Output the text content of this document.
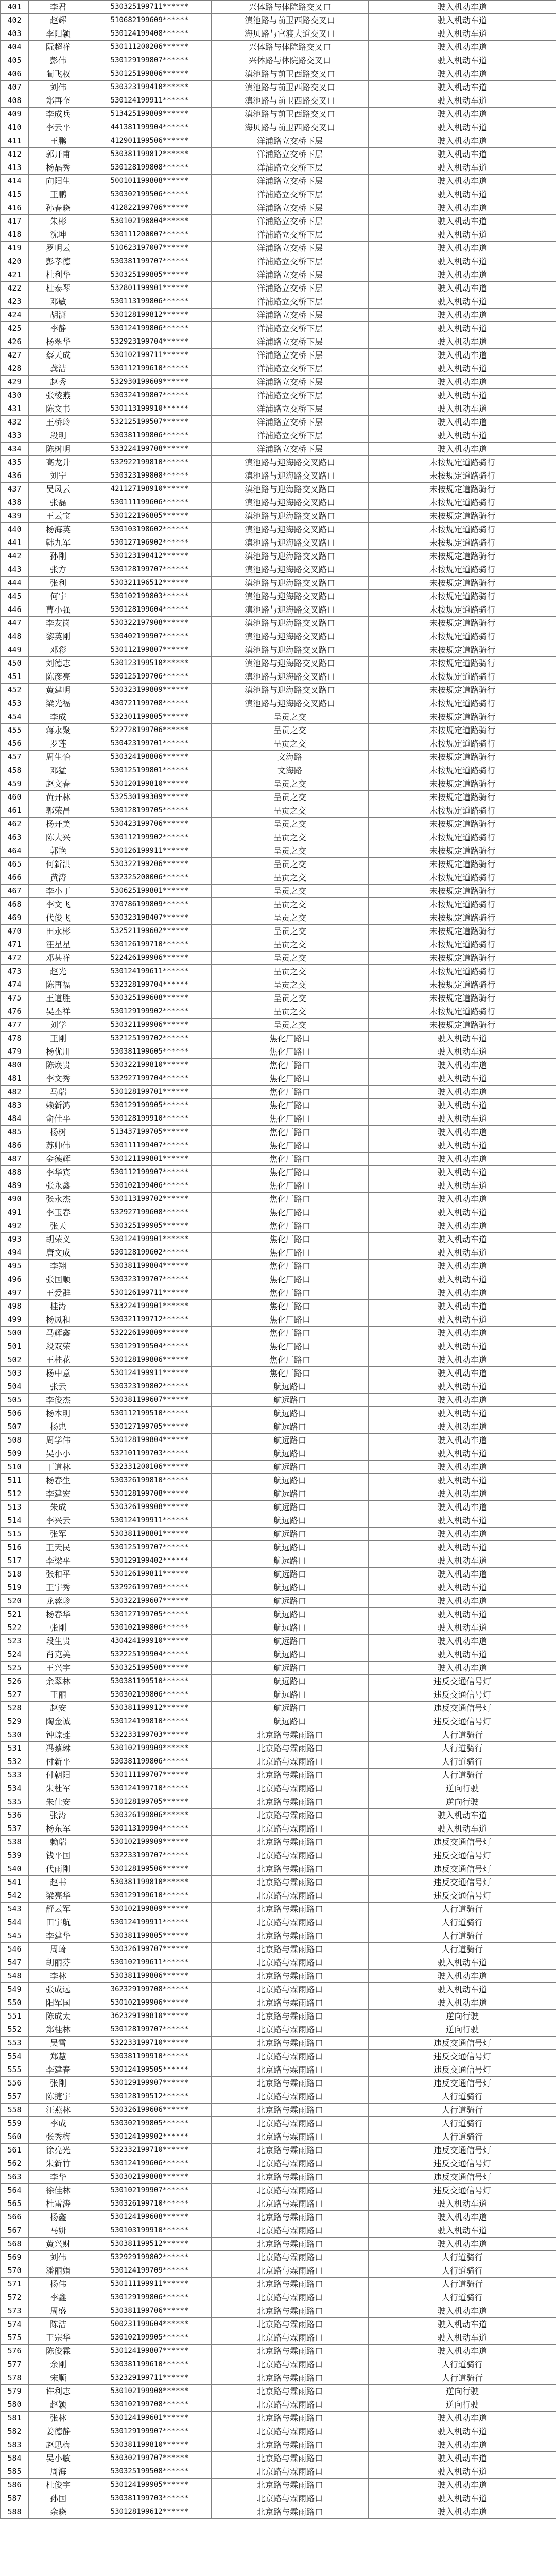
401	李君	530325199711******	兴体路与体院路交叉口	驶入机动车道
402	赵辉	510682199609******	滇池路与前卫西路交叉口	驶入机动车道
403	李阳颖	530124199408******	海贝路与官渡大道交叉口	驶入机动车道
404	阮超祥	530111200206******	兴体路与体院路交叉口	驶入机动车道
405	彭伟	530129199807******	兴体路与体院路交叉口	驶入机动车道
406	蔺飞权	530125199806******	滇池路与前卫西路交叉口	驶入机动车道
407	刘伟	530323199410******	滇池路与前卫西路交叉口	驶入机动车道
408	郑再奎	530124199911******	滇池路与前卫西路交叉口	驶入机动车道
409	李成兵	513425199809******	滇池路与前卫西路交叉口	驶入机动车道
410	李云平	441381199904******	海贝路与前卫西路交叉口	驶入机动车道
411	王鹏	412901199506******	洋浦路立交桥下层	驶入机动车道
412	郭开甫	530381199812******	洋浦路立交桥下层	驶入机动车道
413	杨晶秀	530128199808******	洋浦路立交桥下层	驶入机动车道
414	向阳生	500101199808******	洋浦路立交桥下层	驶入机动车道
415	王鹏	530302199506******	洋浦路立交桥下层	驶入机动车道
416	孙春晓	412822199706******	洋浦路立交桥下层	驶入机动车道
417	朱彬	530102198804******	洋浦路立交桥下层	驶入机动车道
418	沈坤	530111200007******	洋浦路立交桥下层	驶入机动车道
419	罗明云	510623197007******	洋浦路立交桥下层	驶入机动车道
420	彭孝德	530381199707******	洋浦路立交桥下层	驶入机动车道
421	杜利华	530325199805******	洋浦路立交桥下层	驶入机动车道
422	杜泰琴	532801199901******	洋浦路立交桥下层	驶入机动车道
423	邓敏	530113199806******	洋浦路立交桥下层	驶入机动车道
424	胡潇	530128199812******	洋浦路立交桥下层	驶入机动车道
425	李静	530124199806******	洋浦路立交桥下层	驶入机动车道
426	杨翠华	532923199704******	洋浦路立交桥下层	驶入机动车道
427	蔡天成	530102199711******	洋浦路立交桥下层	驶入机动车道
428	龚洁	530112199610******	洋浦路立交桥下层	驶入机动车道
429	赵秀	532930199609******	洋浦路立交桥下层	驶入机动车道
430	张棱燕	530324199807******	洋浦路立交桥下层	驶入机动车道
431	陈文书	530113199910******	洋浦路立交桥下层	驶入机动车道
432	王桥玲	532125199507******	洋浦路立交桥下层	驶入机动车道
433	段明	530381199806******	洋浦路立交桥下层	驶入机动车道
434	陈树明	533224199708******	洋浦路立交桥下层	驶入机动车道
435	高龙升	532922199810******	滇池路与迎海路交叉路口	未按规定道路骑行
436	刘宁	530323199808******	滇池路与迎海路交叉路口	未按规定道路骑行
437	吴凤云	421127198910******	滇池路与迎海路交叉路口	未按规定道路骑行
438	张磊	530111199606******	滇池路与迎海路交叉路口	未按规定道路骑行
439	王云宝	530122196805******	滇池路与迎海路交叉路口	未按规定道路骑行
440	杨海英	530103198602******	滇池路与迎海路交叉路口	未按规定道路骑行
441	韩九军	530127196902******	滇池路与迎海路交叉路口	未按规定道路骑行
442	孙刚	530123198412******	滇池路与迎海路交叉路口	未按规定道路骑行
443	张方	530128199707******	滇池路与迎海路交叉路口	未按规定道路骑行
444	张利	530321196512******	滇池路与迎海路交叉路口	未按规定道路骑行
445	何宇	530102199803******	滇池路与迎海路交叉路口	未按规定道路骑行
446	曹小强	530128199604******	滇池路与迎海路交叉路口	未按规定道路骑行
447	李友岗	530322197908******	滇池路与迎海路交叉路口	未按规定道路骑行
448	黎英刚	530402199907******	滇池路与迎海路交叉路口	未按规定道路骑行
449	邓彩	530112199807******	滇池路与迎海路交叉路口	未按规定道路骑行
450	刘德志	530123199510******	滇池路与迎海路交叉路口	未按规定道路骑行
451	陈彦亮	530125199706******	滇池路与迎海路交叉路口	未按规定道路骑行
452	黄建明	530323199809******	滇池路与迎海路交叉路口	未按规定道路骑行
453	梁光福	430721199708******	滇池路与迎海路交叉路口	未按规定道路骑行
454	李成	532301199805******	呈贡之交	未按规定道路骑行
455	蒋永聚	522728199706******	呈贡之交	未按规定道路骑行
456	罗莲	530423199701******	呈贡之交	未按规定道路骑行
457	周生怡	530324198806******	文海路	未按规定道路骑行
458	邓猛	530125199801******	文海路	未按规定道路骑行
459	赵文春	530120199810******	呈贡之交	未按规定道路骑行
460	黄开林	532530199309******	呈贡之交	未按规定道路骑行
461	郭荣昌	530128199705******	呈贡之交	未按规定道路骑行
462	杨开美	530423199706******	呈贡之交	未按规定道路骑行
463	陈大兴	530112199902******	呈贡之交	未按规定道路骑行
464	郭艳	530126199911******	呈贡之交	未按规定道路骑行
465	何新洪	530322199206******	呈贡之交	未按规定道路骑行
466	黄涛	532325200006******	呈贡之交	未按规定道路骑行
467	李小丁	530625199801******	呈贡之交	未按规定道路骑行
468	李文飞	370786199809******	呈贡之交	未按规定道路骑行
469	代俊飞	530323198407******	呈贡之交	未按规定道路骑行
470	田永彬	532521199602******	呈贡之交	未按规定道路骑行
471	汪星星	530126199710******	呈贡之交	未按规定道路骑行
472	邓甚祥	522426199906******	呈贡之交	未按规定道路骑行
473	赵光	530124199611******	呈贡之交	未按规定道路骑行
474	陈再福	532328199704******	呈贡之交	未按规定道路骑行
475	王道胜	530325199608******	呈贡之交	未按规定道路骑行
476	吴丕祥	530129199902******	呈贡之交	未按规定道路骑行
477	刘学	530321199906******	呈贡之交	未按规定道路骑行
478	王刚	532125199702******	焦化厂路口	驶入机动车道
479	杨优川	530381199605******	焦化厂路口	驶入机动车道
480	陈焕贵	530322199810******	焦化厂路口	驶入机动车道
481	李文秀	532927199704******	焦化厂路口	驶入机动车道
482	马瑞	530128199701******	焦化厂路口	驶入机动车道
483	赖新鸿	530129199905******	焦化厂路口	驶入机动车道
484	俞佳平	530128199910******	焦化厂路口	驶入机动车道
485	杨树	513437199705******	焦化厂路口	驶入机动车道
486	苏帅伟	530111199407******	焦化厂路口	驶入机动车道
487	金德辉	530121199801******	焦化厂路口	驶入机动车道
488	李华宾	530112199907******	焦化厂路口	驶入机动车道
489	张永鑫	530102199406******	焦化厂路口	驶入机动车道
490	张永杰	530113199702******	焦化厂路口	驶入机动车道
491	李玉春	532927199608******	焦化厂路口	驶入机动车道
492	张天	530325199905******	焦化厂路口	驶入机动车道
493	胡荣义	530124199901******	焦化厂路口	驶入机动车道
494	唐文成	530128199602******	焦化厂路口	驶入机动车道
495	李翔	530381199804******	焦化厂路口	驶入机动车道
496	张国顺	530323199707******	焦化厂路口	驶入机动车道
497	王爱群	530126199711******	焦化厂路口	驶入机动车道
498	桂涛	533224199901******	焦化厂路口	驶入机动车道
499	杨凤和	530321199712******	焦化厂路口	驶入机动车道
500	马辉鑫	532226199809******	焦化厂路口	驶入机动车道
501	段双荣	530129199504******	焦化厂路口	驶入机动车道
502	王桂花	530128199806******	焦化厂路口	驶入机动车道
503	杨中意	530124199911******	焦化厂路口	驶入机动车道
504	张云	530323199802******	航远路口	驶入机动车道
505	李俊杰	530381199607******	航远路口	驶入机动车道
506	杨本明	530112199510******	航远路口	驶入机动车道
507	杨忠	530127199705******	航远路口	驶入机动车道
508	周学伟	530128199804******	航远路口	驶入机动车道
509	吴小小	532101199703******	航远路口	驶入机动车道
510	丁道林	532331200106******	航远路口	驶入机动车道
511	杨春生	530326199810******	航远路口	驶入机动车道
512	李建宏	530128199708******	航远路口	驶入机动车道
513	朱成	530326199908******	航远路口	驶入机动车道
514	李兴云	530124199911******	航远路口	驶入机动车道
515	张军	530381198801******	航远路口	驶入机动车道
516	王天民	530125199707******	航远路口	驶入机动车道
517	李梁平	530129199402******	航远路口	驶入机动车道
518	张和平	530126199811******	航远路口	驶入机动车道
519	王宇秀	532926199709******	航远路口	驶入机动车道
520	龙蓉珍	530322199607******	航远路口	驶入机动车道
521	杨春华	530127199705******	航远路口	驶入机动车道
522	张刚	530102199806******	航远路口	驶入机动车道
523	段生贵	430424199910******	航远路口	驶入机动车道
524	肖克美	532225199904******	航远路口	驶入机动车道
525	王兴宇	530325199508******	航远路口	驶入机动车道
526	余翠林	530381199510******	航远路口	违反交通信号灯
527	王丽	530302199806******	航远路口	违反交通信号灯
528	赵安	530381199912******	航远路口	违反交通信号灯
529	陶金诚	530124199810******	航远路口	违反交通信号灯
530	钟琼莲	532233199703******	北京路与霖雨路口	人行道骑行
531	冯蔡琳	530102199909******	北京路与霖雨路口	人行道骑行
532	付新平	530381199806******	北京路与霖雨路口	人行道骑行
533	付朝阳	530111199707******	北京路与霖雨路口	人行道骑行
534	朱杜军	530124199710******	北京路与霖雨路口	逆向行驶
535	朱仕安	530128199705******	北京路与霖雨路口	逆向行驶
536	张涛	530326199806******	北京路与霖雨路口	驶入机动车道
537	杨东军	530113199904******	北京路与霖雨路口	驶入机动车道
538	赖瑞	530102199909******	北京路与霖雨路口	违反交通信号灯
539	钱平国	532233199707******	北京路与霖雨路口	违反交通信号灯
540	代雨刚	530128199506******	北京路与霖雨路口	违反交通信号灯
541	赵书	530381199810******	北京路与霖雨路口	违反交通信号灯
542	梁亮华	530129199610******	北京路与霖雨路口	违反交通信号灯
543	舒云军	530102199809******	北京路与霖雨路口	人行道骑行
544	田宇航	530124199911******	北京路与霖雨路口	人行道骑行
545	李建华	530381199805******	北京路与霖雨路口	人行道骑行
546	周琦	530326199707******	北京路与霖雨路口	人行道骑行
547	胡丽芬	530102199611******	北京路与霖雨路口	驶入机动车道
548	李林	530381199806******	北京路与霖雨路口	驶入机动车道
549	张成远	362329199708******	北京路与霖雨路口	驶入机动车道
550	阳军国	530102199906******	北京路与霖雨路口	驶入机动车道
551	陈成太	362329199810******	北京路与霖雨路口	逆向行驶
552	郑桂林	530128199707******	北京路与霖雨路口	逆向行驶
553	吴雪	532233199710******	北京路与霖雨路口	违反交通信号灯
554	郑慧	530381199910******	北京路与霖雨路口	违反交通信号灯
555	李建春	530124199505******	北京路与霖雨路口	违反交通信号灯
556	张刚	530129199907******	北京路与霖雨路口	违反交通信号灯
557	陈捷宇	530128199512******	北京路与霖雨路口	人行道骑行
558	汪燕林	530326199606******	北京路与霖雨路口	人行道骑行
559	李成	530302199805******	北京路与霖雨路口	人行道骑行
560	张秀梅	530124199902******	北京路与霖雨路口	人行道骑行
561	徐亮光	532332199710******	北京路与霖雨路口	违反交通信号灯
562	朱新竹	530124199606******	北京路与霖雨路口	违反交通信号灯
563	李华	530302199808******	北京路与霖雨路口	违反交通信号灯
564	徐佳林	530102199907******	北京路与霖雨路口	违反交通信号灯
565	杜雷涛	530326199710******	北京路与霖雨路口	驶入机动车道
566	杨鑫	530124199608******	北京路与霖雨路口	驶入机动车道
567	马妍	530103199910******	北京路与霖雨路口	驶入机动车道
568	黄兴财	530381199512******	北京路与霖雨路口	驶入机动车道
569	刘伟	532929199802******	北京路与霖雨路口	人行道骑行
570	潘丽娟	530124199709******	北京路与霖雨路口	人行道骑行
571	杨伟	530111199911******	北京路与霖雨路口	人行道骑行
572	李鑫	530129199806******	北京路与霖雨路口	人行道骑行
573	周盛	530381199706******	北京路与霖雨路口	驶入机动车道
574	陈洁	500231199604******	北京路与霖雨路口	驶入机动车道
575	王宗华	530102199905******	北京路与霖雨路口	驶入机动车道
576	陈俊霖	530124199807******	北京路与霖雨路口	驶入机动车道
577	余刚	530381199610******	北京路与霖雨路口	人行道骑行
578	宋顺	532329199711******	北京路与霖雨路口	人行道骑行
579	许利志	530102199908******	北京路与霖雨路口	逆向行驶
580	赵颖	530102199708******	北京路与霖雨路口	逆向行驶
581	张林	530124199601******	北京路与霖雨路口	驶入机动车道
582	姜德静	530129199907******	北京路与霖雨路口	驶入机动车道
583	赵思梅	530381199810******	北京路与霖雨路口	驶入机动车道
584	吴小敏	530302199707******	北京路与霖雨路口	驶入机动车道
585	周海	530325199508******	北京路与霖雨路口	驶入机动车道
586	杜俊宇	530124199905******	北京路与霖雨路口	驶入机动车道
587	孙国	530381199703******	北京路与霖雨路口	驶入机动车道
588	余晓	530128199612******	北京路与霖雨路口	驶入机动车道
